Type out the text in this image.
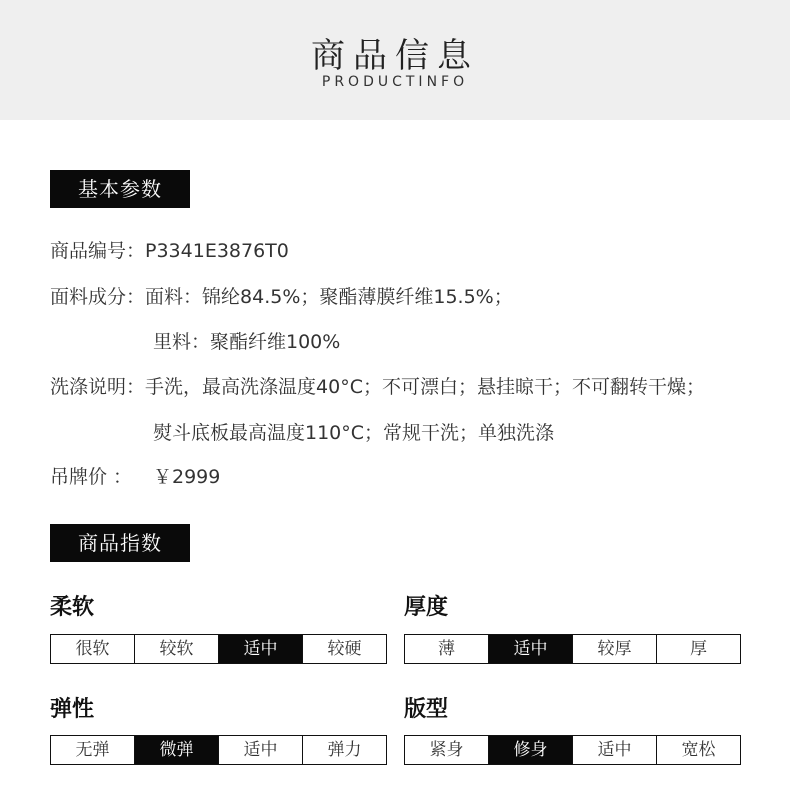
商品信息
PRODUCTINFO
基本参数
商品编号：P3341E3876T0
面料成分：面料：锦纶84.5%；聚酯薄膜纤维15.5%；
里料：聚酯纤维100%
洗涤说明：手洗，最高洗涤温度40°C；不可漂白；悬挂晾干；不可翻转干燥；
熨斗底板最高温度110°C；常规干洗；单独洗涤
吊牌价 ： ￥2999
商品指数
柔软
很软	较软	适中	较硬
厚度
薄	适中	较厚	厚
弹性
无弹	微弹	适中	弹力
版型
紧身	修身	适中	宽松
